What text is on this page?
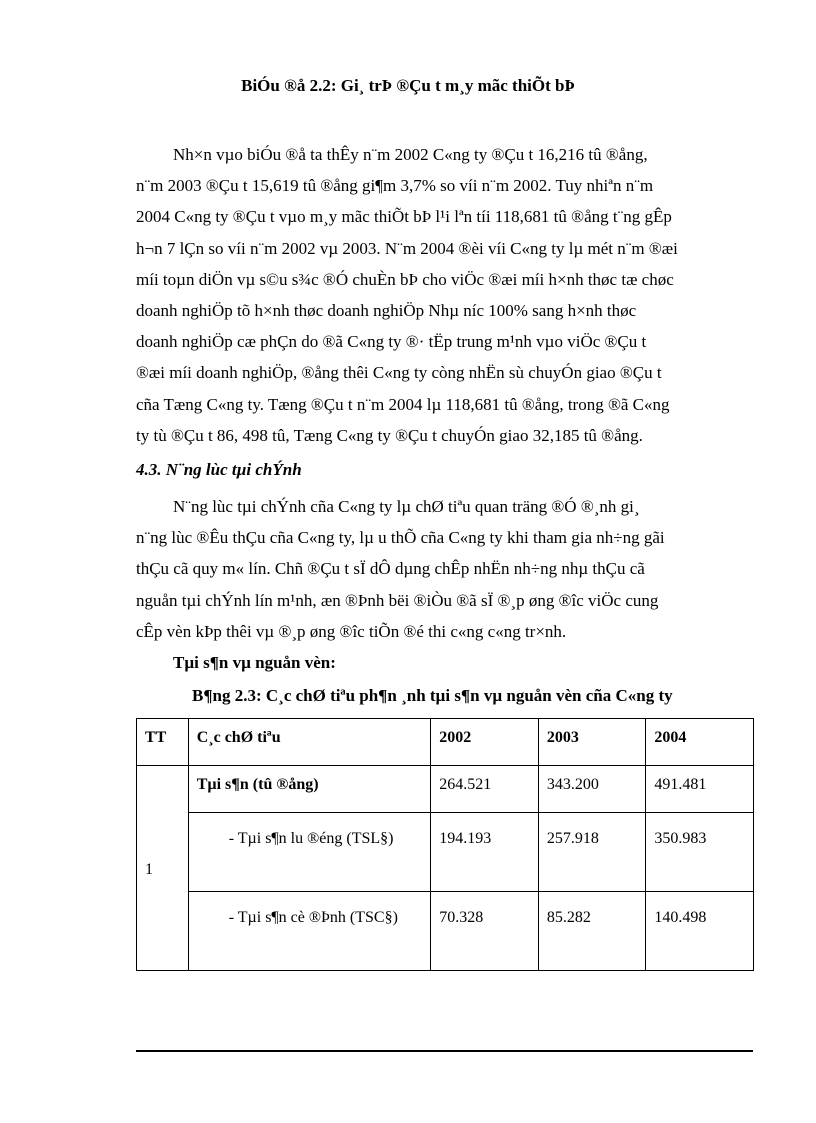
BiÓu ®å 2.2: Gi¸ trÞ ®Çu t m¸y mãc thiÕt bÞ
Nh×n vµo biÓu ®å ta thÊy n¨m 2002 C«ng ty ®Çu t 16,216 tû ®ång,
n¨m 2003 ®Çu t 15,619 tû ®ång gi¶m 3,7% so víi n¨m 2002. Tuy nhiªn n¨m
2004 C«ng ty ®Çu t vµo m¸y mãc thiÕt bÞ l¹i lªn tíi 118,681 tû ®ång t¨ng gÊp
h¬n 7 lÇn so víi n¨m 2002 vµ 2003. N¨m 2004 ®èi víi C«ng ty lµ mét n¨m ®æi
míi toµn diÖn vµ s©u s¾c ®Ó chuÈn bÞ cho viÖc ®æi míi h×nh thøc tæ chøc
doanh nghiÖp tõ h×nh thøc doanh nghiÖp Nhµ níc 100% sang h×nh thøc
doanh nghiÖp cæ phÇn do ®ã C«ng ty ®· tËp trung m¹nh vµo viÖc ®Çu t
®æi míi doanh nghiÖp, ®ång thêi C«ng ty còng nhËn sù chuyÓn giao ®Çu t
cña Tæng C«ng ty. Tæng ®Çu t n¨m 2004 lµ 118,681 tû ®ång, trong ®ã C«ng
ty tù ®Çu t 86, 498 tû, Tæng C«ng ty ®Çu t chuyÓn giao 32,185 tû ®ång.
4.3. N¨ng lùc tµi chÝnh
N¨ng lùc tµi chÝnh cña C«ng ty lµ chØ tiªu quan träng ®Ó ®¸nh gi¸
n¨ng lùc ®Êu thÇu cña C«ng ty, lµ u thÕ cña C«ng ty khi tham gia nh÷ng gãi
thÇu cã quy m« lín. Chñ ®Çu t sÏ dÔ dµng chÊp nhËn nh÷ng nhµ thÇu cã
nguån tµi chÝnh lín m¹nh, æn ®Þnh bëi ®iÒu ®ã sÏ ®¸p øng ®îc viÖc cung
cÊp vèn kÞp thêi vµ ®¸p øng ®îc tiÕn ®é thi c«ng c«ng tr×nh.
Tµi s¶n vµ nguån vèn:
B¶ng 2.3: C¸c chØ tiªu ph¶n ¸nh tµi s¶n vµ nguån vèn cña C«ng ty
TT	C¸c chØ tiªu	2002	2003	2004
1	Tµi s¶n (tû ®ång)	264.521	343.200	491.481
	- Tµi s¶n lu ®éng (TSL§)	194.193	257.918	350.983
	- Tµi s¶n cè ®Þnh (TSC§)	70.328	85.282	140.498
